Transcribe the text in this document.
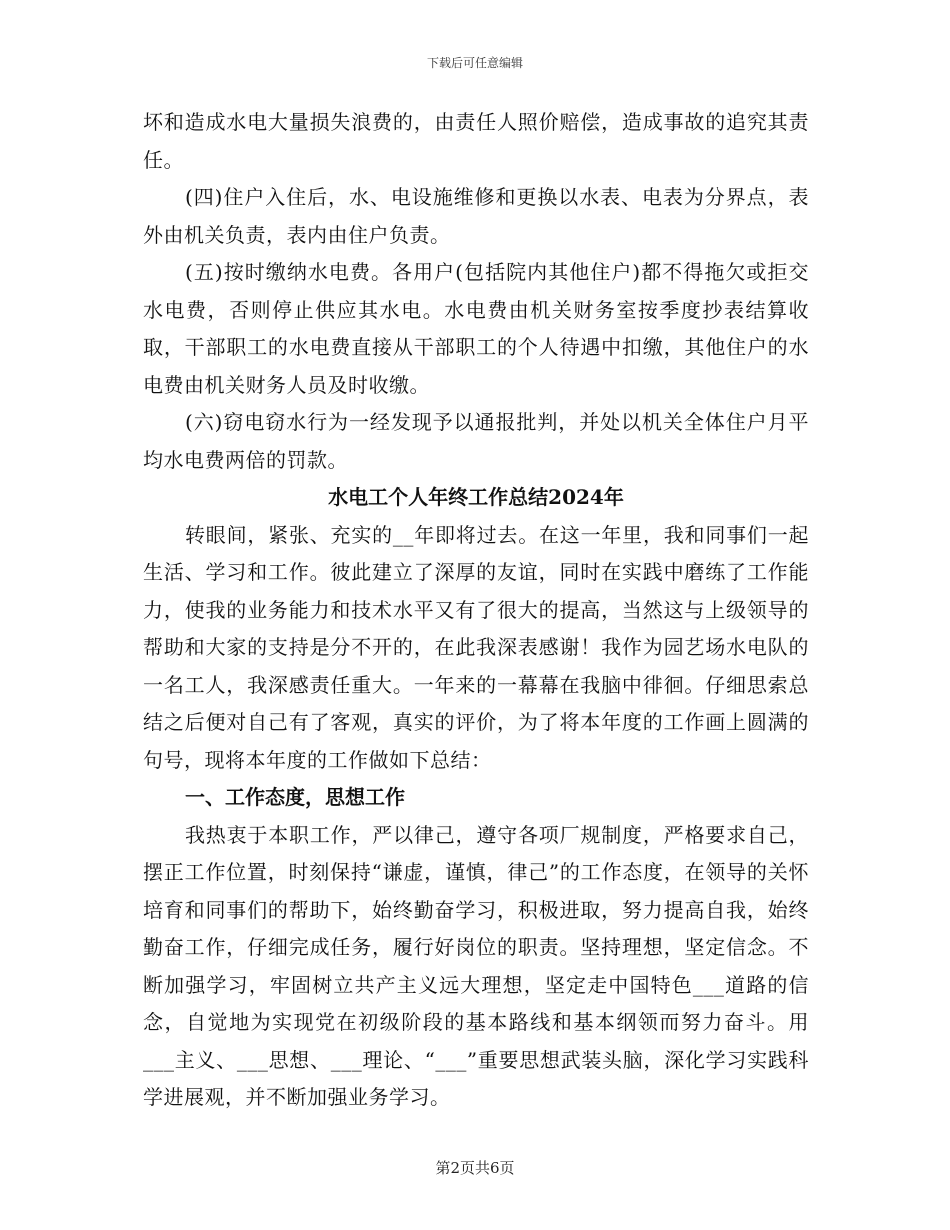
下载后可任意编辑

坏和造成水电大量损失浪费的，由责任人照价赔偿，造成事故的追究其责任。

(四)住户入住后，水、电设施维修和更换以水表、电表为分界点，表外由机关负责，表内由住户负责。

(五)按时缴纳水电费。各用户(包括院内其他住户)都不得拖欠或拒交水电费，否则停止供应其水电。水电费由机关财务室按季度抄表结算收取，干部职工的水电费直接从干部职工的个人待遇中扣缴，其他住户的水电费由机关财务人员及时收缴。

(六)窃电窃水行为一经发现予以通报批判，并处以机关全体住户月平均水电费两倍的罚款。

水电工个人年终工作总结2024年

转眼间，紧张、充实的__年即将过去。在这一年里，我和同事们一起生活、学习和工作。彼此建立了深厚的友谊，同时在实践中磨练了工作能力，使我的业务能力和技术水平又有了很大的提高，当然这与上级领导的帮助和大家的支持是分不开的，在此我深表感谢！我作为园艺场水电队的一名工人，我深感责任重大。一年来的一幕幕在我脑中徘徊。仔细思索总结之后便对自己有了客观，真实的评价，为了将本年度的工作画上圆满的句号，现将本年度的工作做如下总结：

一、工作态度，思想工作

我热衷于本职工作，严以律己，遵守各项厂规制度，严格要求自己，摆正工作位置，时刻保持“谦虚，谨慎，律己”的工作态度，在领导的关怀培育和同事们的帮助下，始终勤奋学习，积极进取，努力提高自我，始终勤奋工作，仔细完成任务，履行好岗位的职责。坚持理想，坚定信念。不断加强学习，牢固树立共产主义远大理想，坚定走中国特色___道路的信念，自觉地为实现党在初级阶段的基本路线和基本纲领而努力奋斗。用___主义、___思想、___理论、“___”重要思想武装头脑，深化学习实践科学进展观，并不断加强业务学习。

第2页共6页
